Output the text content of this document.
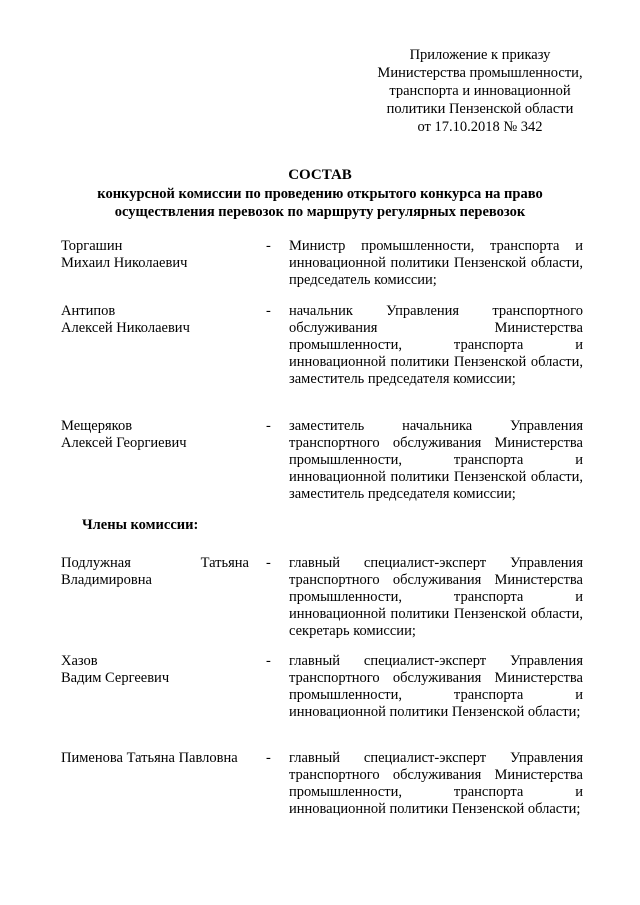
Приложение к приказу
Министерства промышленности,
транспорта и инновационной
политики Пензенской области
от 17.10.2018 № 342
СОСТАВ
конкурсной комиссии по проведению открытого конкурса на право
осуществления перевозок по маршруту регулярных перевозок
Торгашин
Михаил Николаевич
- Министр промышленности, транспорта и инновационной политики Пензенской области, председатель комиссии;
Антипов
Алексей Николаевич
- начальник Управления транспортного обслуживания Министерства промышленности, транспорта и инновационной политики Пензенской области, заместитель председателя комиссии;
Мещеряков
Алексей Георгиевич
- заместитель начальника Управления транспортного обслуживания Министерства промышленности, транспорта и инновационной политики Пензенской области, заместитель председателя комиссии;
Члены комиссии:
Подлужная	Татьяна
Владимировна
- главный специалист-эксперт Управления транспортного обслуживания Министерства промышленности, транспорта и инновационной политики Пензенской области, секретарь комиссии;
Хазов
Вадим Сергеевич
- главный специалист-эксперт Управления транспортного обслуживания Министерства промышленности, транспорта и инновационной политики Пензенской области;
Пименова Татьяна Павловна	- главный специалист-эксперт Управления транспортного обслуживания Министерства промышленности, транспорта и инновационной политики Пензенской области;
